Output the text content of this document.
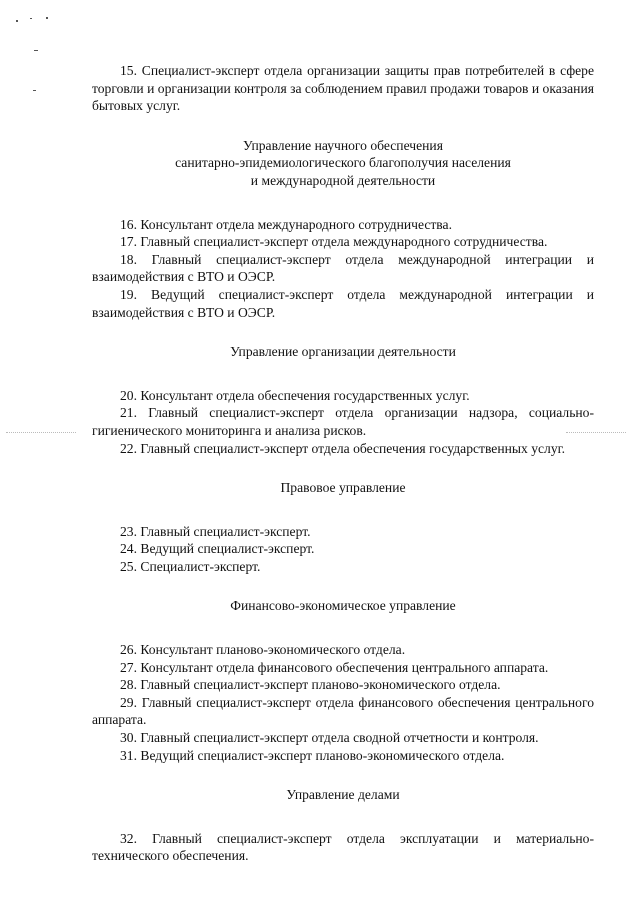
15. Специалист-эксперт отдела организации защиты прав потребителей в сфере торговли и организации контроля за соблюдением правил продажи товаров и оказания бытовых услуг.

Управление научного обеспечения

санитарно-эпидемиологического благополучия населения

и международной деятельности

16. Консультант отдела международного сотрудничества.

17. Главный специалист-эксперт отдела международного сотрудничества.

18. Главный специалист-эксперт отдела международной интеграции и взаимодействия с ВТО и ОЭСР.

19. Ведущий специалист-эксперт отдела международной интеграции и взаимодействия с ВТО и ОЭСР.

Управление организации деятельности

20. Консультант отдела обеспечения государственных услуг.

21. Главный специалист-эксперт отдела организации надзора, социально-гигиенического мониторинга и анализа рисков.

22. Главный специалист-эксперт отдела обеспечения государственных услуг.

Правовое управление

23. Главный специалист-эксперт.

24. Ведущий специалист-эксперт.

25. Специалист-эксперт.

Финансово-экономическое управление

26. Консультант планово-экономического отдела.

27. Консультант отдела финансового обеспечения центрального аппарата.

28. Главный специалист-эксперт планово-экономического отдела.

29. Главный специалист-эксперт отдела финансового обеспечения центрального аппарата.

30. Главный специалист-эксперт отдела сводной отчетности и контроля.

31. Ведущий специалист-эксперт планово-экономического отдела.

Управление делами

32. Главный специалист-эксперт отдела эксплуатации и материально-технического обеспечения.
